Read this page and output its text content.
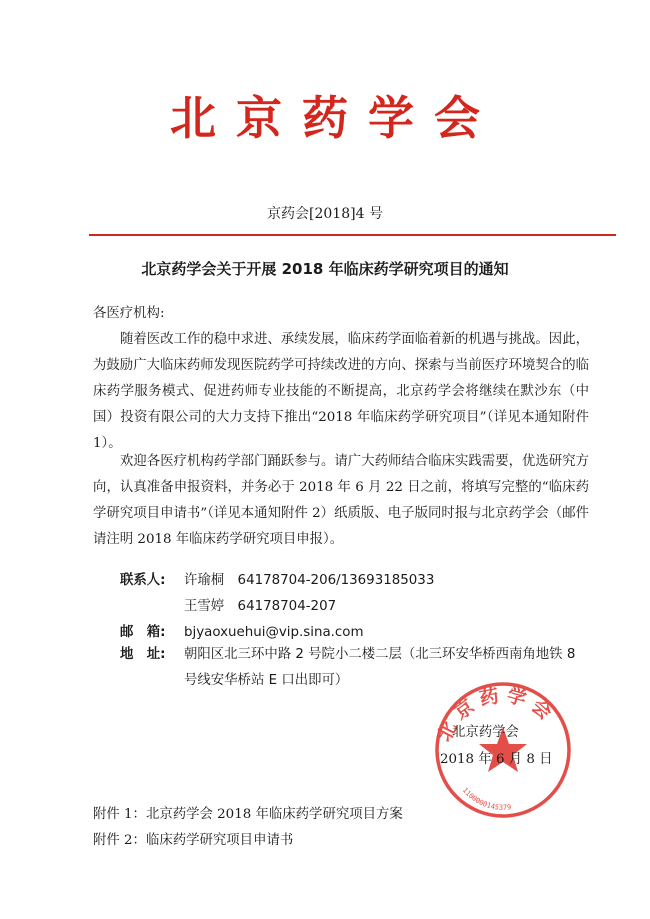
北京药学会
京药会[2018]4 号
北京药学会关于开展 2018 年临床药学研究项目的通知
各医疗机构:
随着医改工作的稳中求进、承续发展，临床药学面临着新的机遇与挑战。因此，为鼓励广大临床药师发现医院药学可持续改进的方向、探索与当前医疗环境契合的临床药学服务模式、促进药师专业技能的不断提高，北京药学会将继续在默沙东（中国）投资有限公司的大力支持下推出“2018 年临床药学研究项目”（详见本通知附件 1）。
欢迎各医疗机构药学部门踊跃参与。请广大药师结合临床实践需要，优选研究方向，认真准备申报资料，并务必于 2018 年 6 月 22 日之前，将填写完整的“临床药学研究项目申请书”（详见本通知附件 2）纸质版、电子版同时报与北京药学会（邮件请注明 2018 年临床药学研究项目申报）。
联系人: 许瑜桐　64178704-206/13693185033
王雪婷　64178704-207
邮　箱: bjyaoxuehui@vip.sina.com
地　址: 朝阳区北三环中路 2 号院小二楼二层（北三环安华桥西南角地铁 8 号线安华桥站 E 口出即可）
北京药学会
1100000145379
北京药学会
2018 年 6 月 8 日
附件 1：北京药学会 2018 年临床药学研究项目方案
附件 2：临床药学研究项目申请书
